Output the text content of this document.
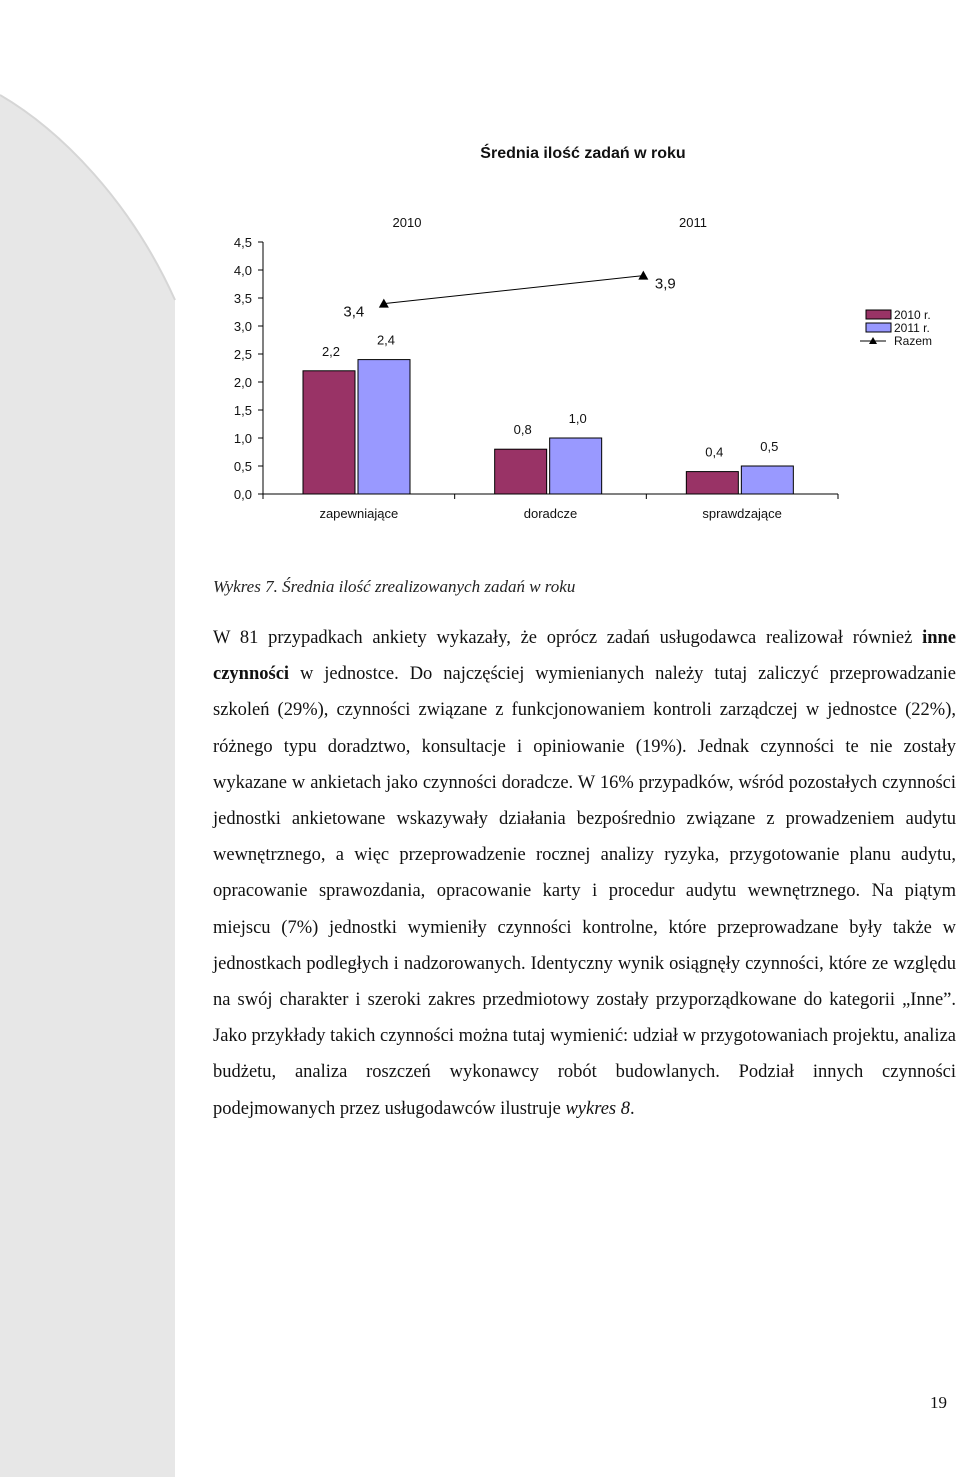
Średnia ilość zadań w roku
0,0
0,5
1,0
1,5
2,0
2,5
3,0
3,5
4,0
4,5
zapewniające	doradcze	sprawdzające
2,2
0,8
0,4
2,4
1,0
0,5
3,4
3,9
2010	2011
2010 r.
2011 r.
Razem
Wykres 7. Średnia ilość zrealizowanych zadań w roku

W 81 przypadkach ankiety wykazały, że oprócz zadań usługodawca realizował również inne czynności w jednostce. Do najczęściej wymienianych należy tutaj zaliczyć przeprowadzanie szkoleń (29%), czynności związane z funkcjonowaniem kontroli zarządczej w jednostce (22%), różnego typu doradztwo, konsultacje i opiniowanie (19%). Jednak czynności te nie zostały wykazane w ankietach jako czynności doradcze. W 16% przypadków, wśród pozostałych czynności jednostki ankietowane wskazywały działania bezpośrednio związane z prowadzeniem audytu wewnętrznego, a więc przeprowadzenie rocznej analizy ryzyka, przygotowanie planu audytu, opracowanie sprawozdania, opracowanie karty i procedur audytu wewnętrznego. Na piątym miejscu (7%) jednostki wymieniły czynności kontrolne, które przeprowadzane były także w jednostkach podległych i nadzorowanych. Identyczny wynik osiągnęły czynności, które ze względu na swój charakter i szeroki zakres przedmiotowy zostały przyporządkowane do kategorii „Inne”. Jako przykłady takich czynności można tutaj wymienić: udział w przygotowaniach projektu, analiza budżetu, analiza roszczeń wykonawcy robót budowlanych. Podział innych czynności podejmowanych przez usługodawców ilustruje wykres 8.

19
